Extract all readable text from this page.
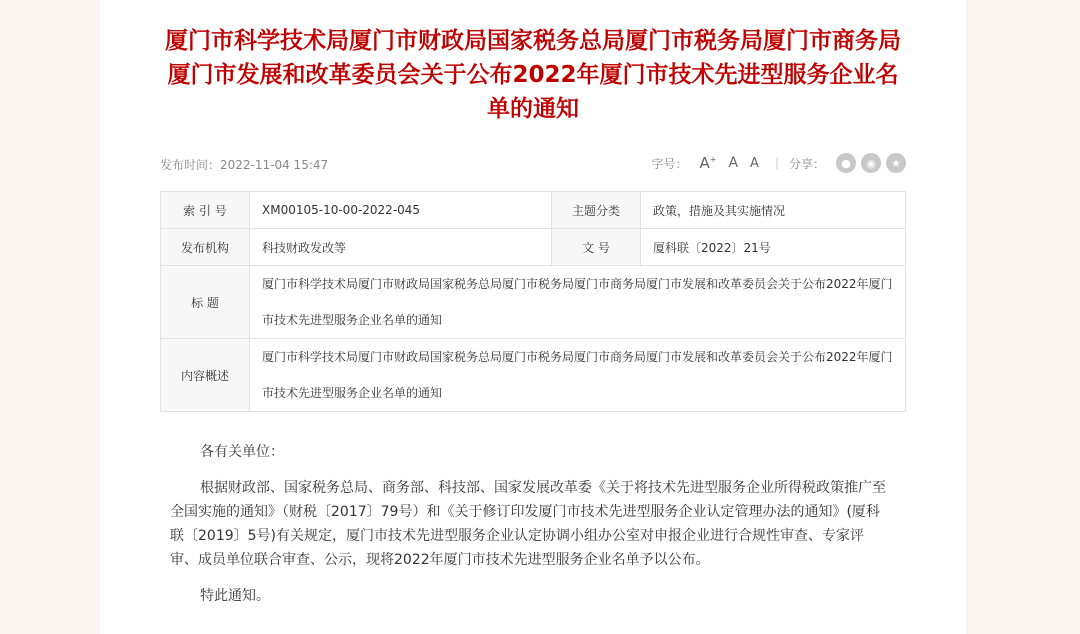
厦门市科学技术局厦门市财政局国家税务总局厦门市税务局厦门市商务局厦门市发展和改革委员会关于公布2022年厦门市技术先进型服务企业名单的通知
发布时间：2022-11-04 15:47	字号： A+ A A | 分享：	●	◉	★
索 引 号	XM00105-10-00-2022-045	主题分类	政策，措施及其实施情况
发布机构	科技财政发改等	文 号	厦科联〔2022〕21号
标 题	厦门市科学技术局厦门市财政局国家税务总局厦门市税务局厦门市商务局厦门市发展和改革委员会关于公布2022年厦门市技术先进型服务企业名单的通知		
内容概述	厦门市科学技术局厦门市财政局国家税务总局厦门市税务局厦门市商务局厦门市发展和改革委员会关于公布2022年厦门市技术先进型服务企业名单的通知		

各有关单位：

根据财政部、国家税务总局、商务部、科技部、国家发展改革委《关于将技术先进型服务企业所得税政策推广至全国实施的通知》（财税〔2017〕79号）和《关于修订印发厦门市技术先进型服务企业认定管理办法的通知》(厦科联〔2019〕5号)有关规定，厦门市技术先进型服务企业认定协调小组办公室对申报企业进行合规性审查、专家评审、成员单位联合审查、公示，现将2022年厦门市技术先进型服务企业名单予以公布。

特此通知。
